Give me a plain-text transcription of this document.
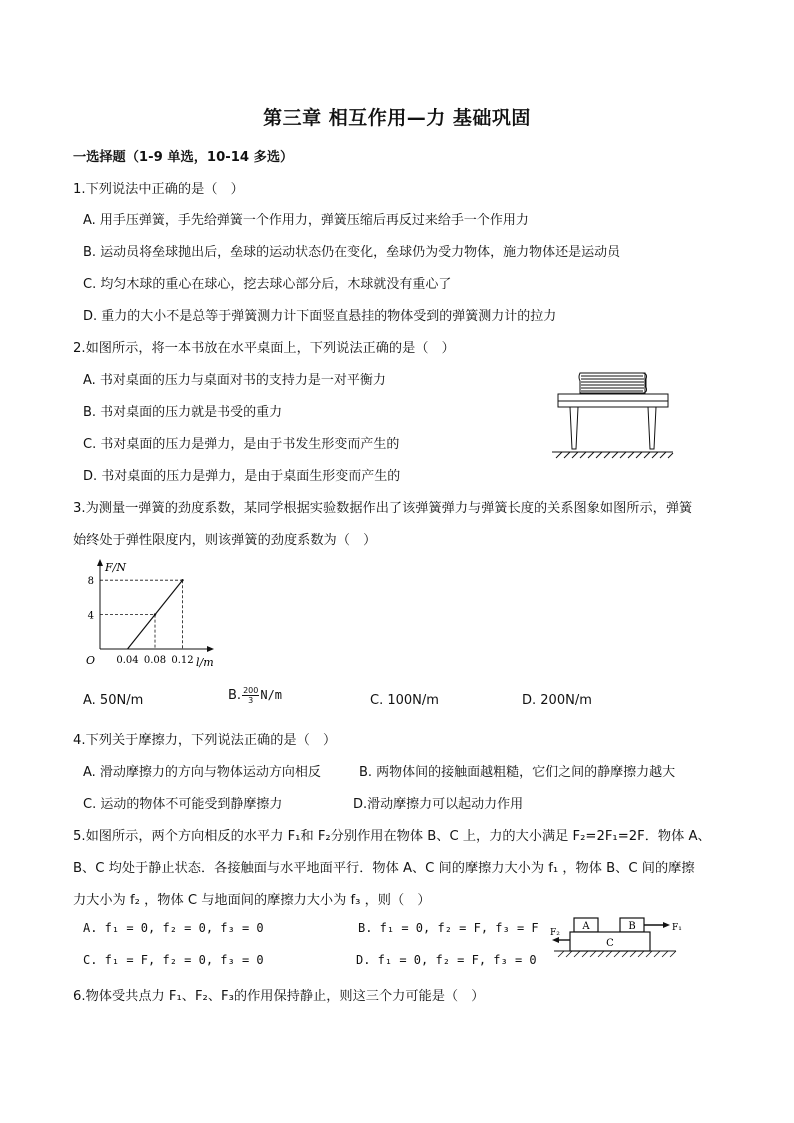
第三章 相互作用—力 基础巩固
一选择题（1-9 单选，10-14 多选）
1.下列说法中正确的是（　）
A. 用手压弹簧，手先给弹簧一个作用力，弹簧压缩后再反过来给手一个作用力
B. 运动员将垒球抛出后，垒球的运动状态仍在变化，垒球仍为受力物体，施力物体还是运动员
C. 均匀木球的重心在球心，挖去球心部分后，木球就没有重心了
D. 重力的大小不是总等于弹簧测力计下面竖直悬挂的物体受到的弹簧测力计的拉力
2.如图所示，将一本书放在水平桌面上，下列说法正确的是（　）
A. 书对桌面的压力与桌面对书的支持力是一对平衡力
B. 书对桌面的压力就是书受的重力
C. 书对桌面的压力是弹力，是由于书发生形变而产生的
D. 书对桌面的压力是弹力，是由于桌面生形变而产生的
3.为测量一弹簧的劲度系数，某同学根据实验数据作出了该弹簧弹力与弹簧长度的关系图象如图所示，弹簧
始终处于弹性限度内，则该弹簧的劲度系数为（　）
F/N
l/m
O 0.04 0.08 0.12
4
8
A. 50N/m	B. $\frac{200}{3} N/m$	C. 100N/m	D. 200N/m
4.下列关于摩擦力，下列说法正确的是（　）
A. 滑动摩擦力的方向与物体运动方向相反	B. 两物体间的接触面越粗糙，它们之间的静摩擦力越大
C. 运动的物体不可能受到静摩擦力	D.滑动摩擦力可以起动力作用
5.如图所示，两个方向相反的水平力 F₁和 F₂分别作用在物体 B、C 上，力的大小满足 F₂=2F₁=2F．物体 A、
B、C 均处于静止状态．各接触面与水平地面平行．物体 A、C 间的摩擦力大小为 f₁ ，物体 B、C 间的摩擦
力大小为 f₂ ，物体 C 与地面间的摩擦力大小为 f₃ ，则（　）
A. f₁ = 0, f₂ = 0, f₃ = 0	B. f₁ = 0, f₂ = F, f₃ = F
C. f₁ = F, f₂ = 0, f₃ = 0	D. f₁ = 0, f₂ = F, f₃ = 0
A	B
C
F₁
F₂
6.物体受共点力 F₁、F₂、F₃的作用保持静止，则这三个力可能是（　）
